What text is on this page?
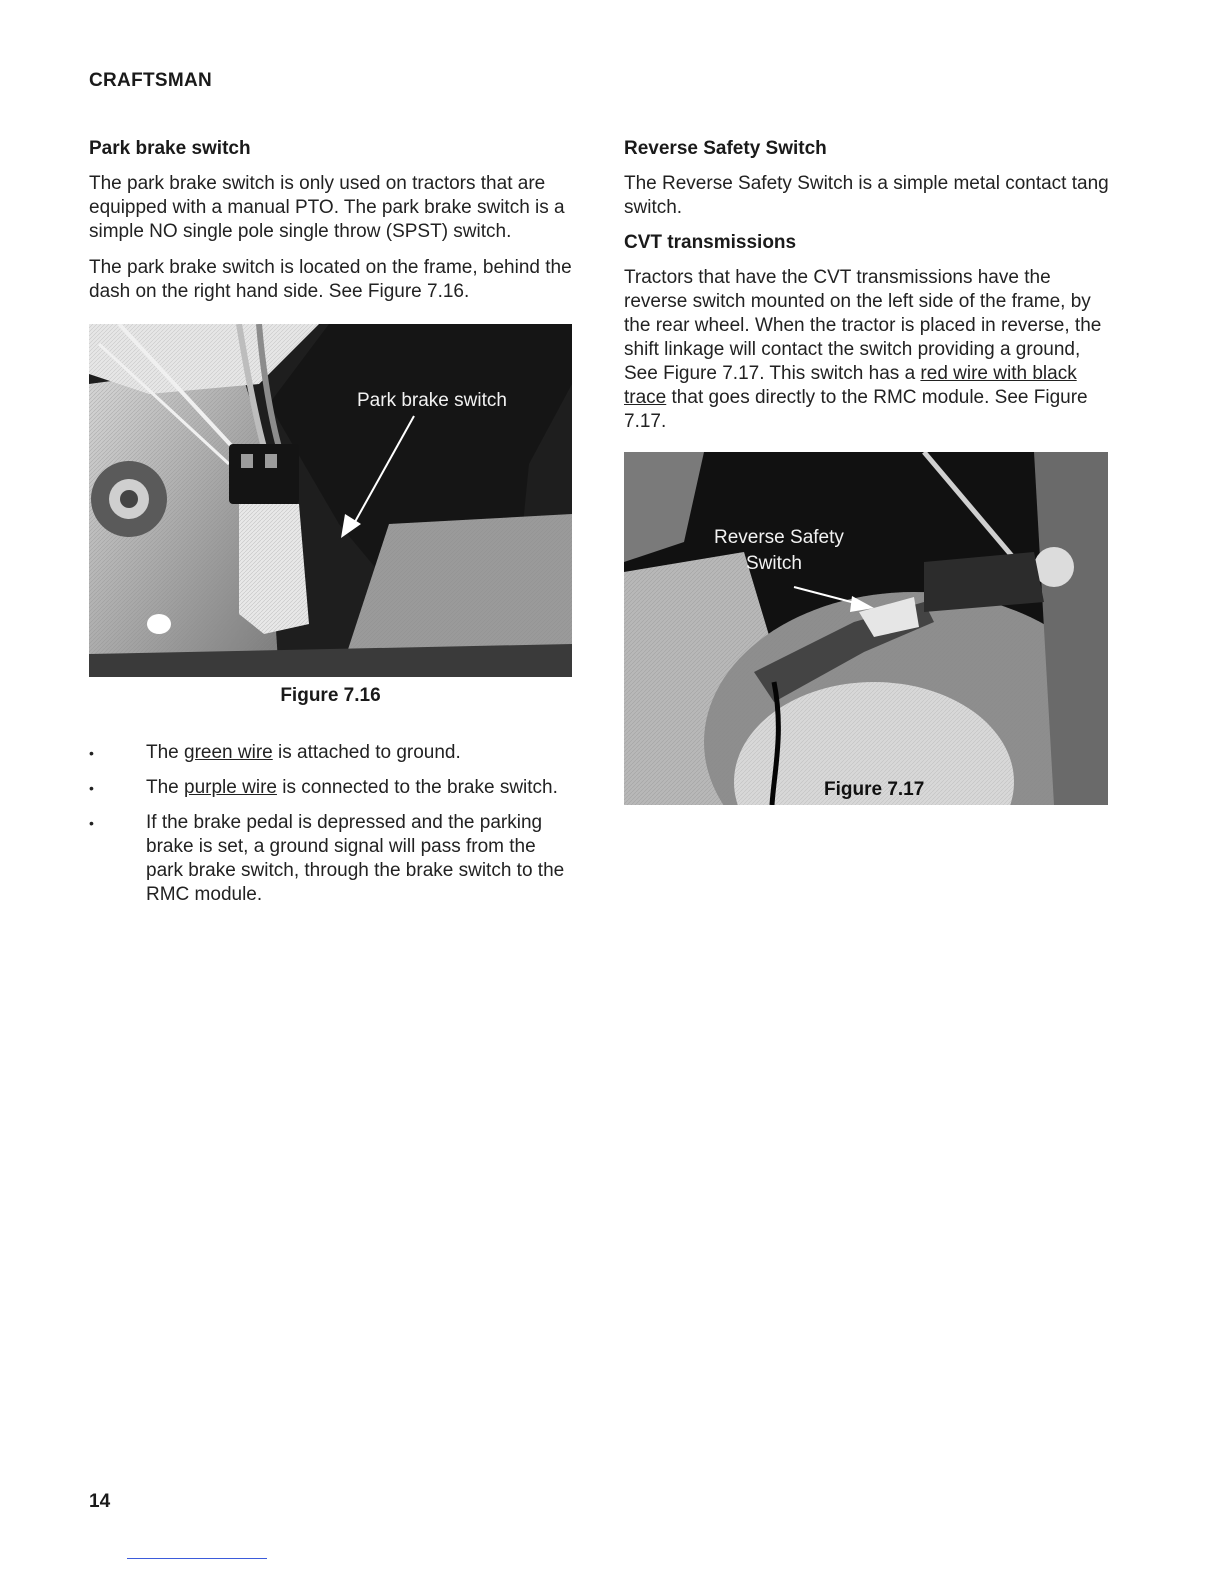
CRAFTSMAN
Park brake switch

The park brake switch is only used on tractors that are equipped with a manual PTO. The park brake switch is a simple NO single pole single throw (SPST) switch.

The park brake switch is located on the frame, behind the dash on the right hand side. See Figure 7.16.

Park brake switch
Figure 7.16
•	The green wire is attached to ground.
•	The purple wire is connected to the brake switch.
•	If the brake pedal is depressed and the parking brake is set, a ground signal will pass from the park brake switch, through the brake switch to the RMC module.
Reverse Safety Switch

The Reverse Safety Switch is a simple metal contact tang switch.

CVT transmissions

Tractors that have the CVT transmissions have the reverse switch mounted on the left side of the frame, by the rear wheel. When the tractor is placed in reverse, the shift linkage will contact the switch providing a ground, See Figure 7.17. This switch has a red wire with black trace that goes directly to the RMC module. See Figure 7.17.

Reverse Safety
Switch
Figure 7.17
14
